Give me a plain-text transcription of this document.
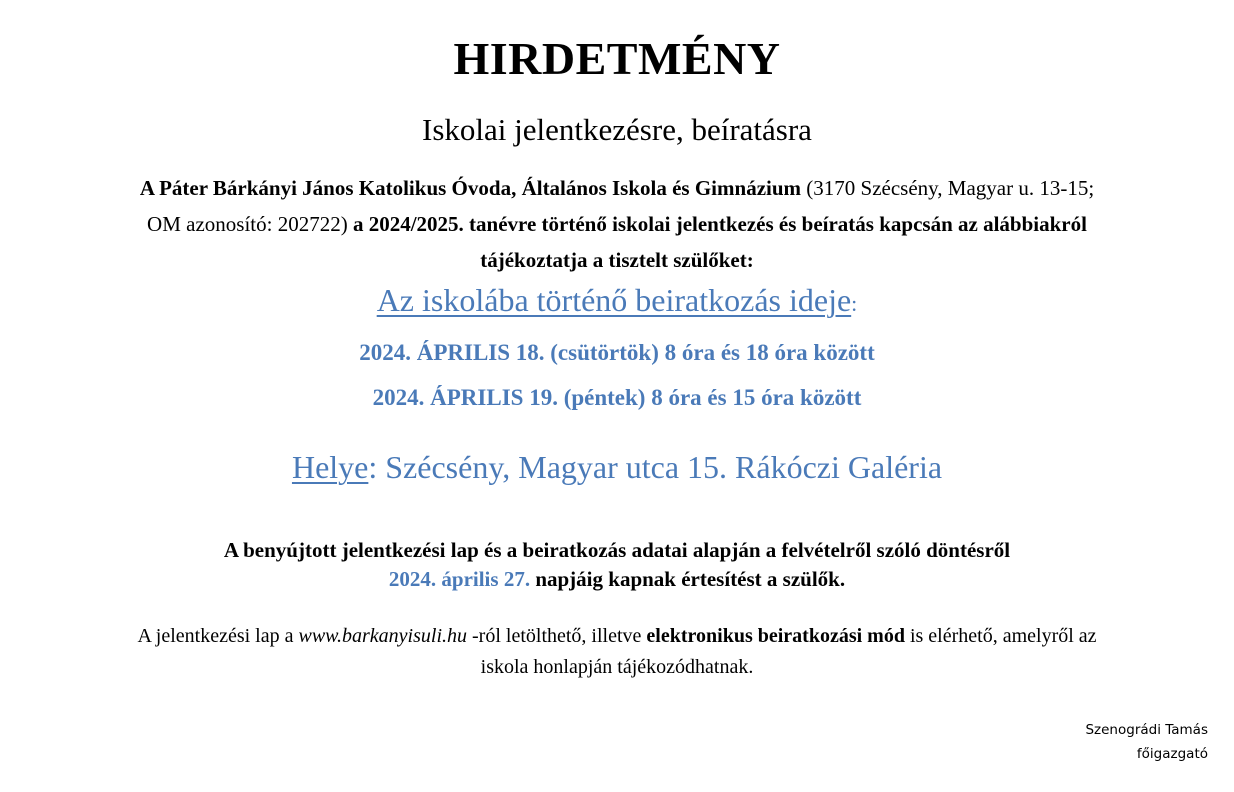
HIRDETMÉNY
Iskolai jelentkezésre, beíratásra
A Páter Bárkányi János Katolikus Óvoda, Általános Iskola és Gimnázium (3170 Szécsény, Magyar u. 13-15;
OM azonosító: 202722) a 2024/2025. tanévre történő iskolai jelentkezés és beíratás kapcsán az alábbiakról
tájékoztatja a tisztelt szülőket:
Az iskolába történő beiratkozás ideje:
2024. ÁPRILIS 18. (csütörtök) 8 óra és 18 óra között
2024. ÁPRILIS 19. (péntek) 8 óra és 15 óra között
Helye: Szécsény, Magyar utca 15. Rákóczi Galéria
A benyújtott jelentkezési lap és a beiratkozás adatai alapján a felvételről szóló döntésről
2024. április 27. napjáig kapnak értesítést a szülők.
A jelentkezési lap a www.barkanyisuli.hu -ról letölthető, illetve elektronikus beiratkozási mód is elérhető, amelyről az
iskola honlapján tájékozódhatnak.
Szenográdi Tamás
főigazgató
